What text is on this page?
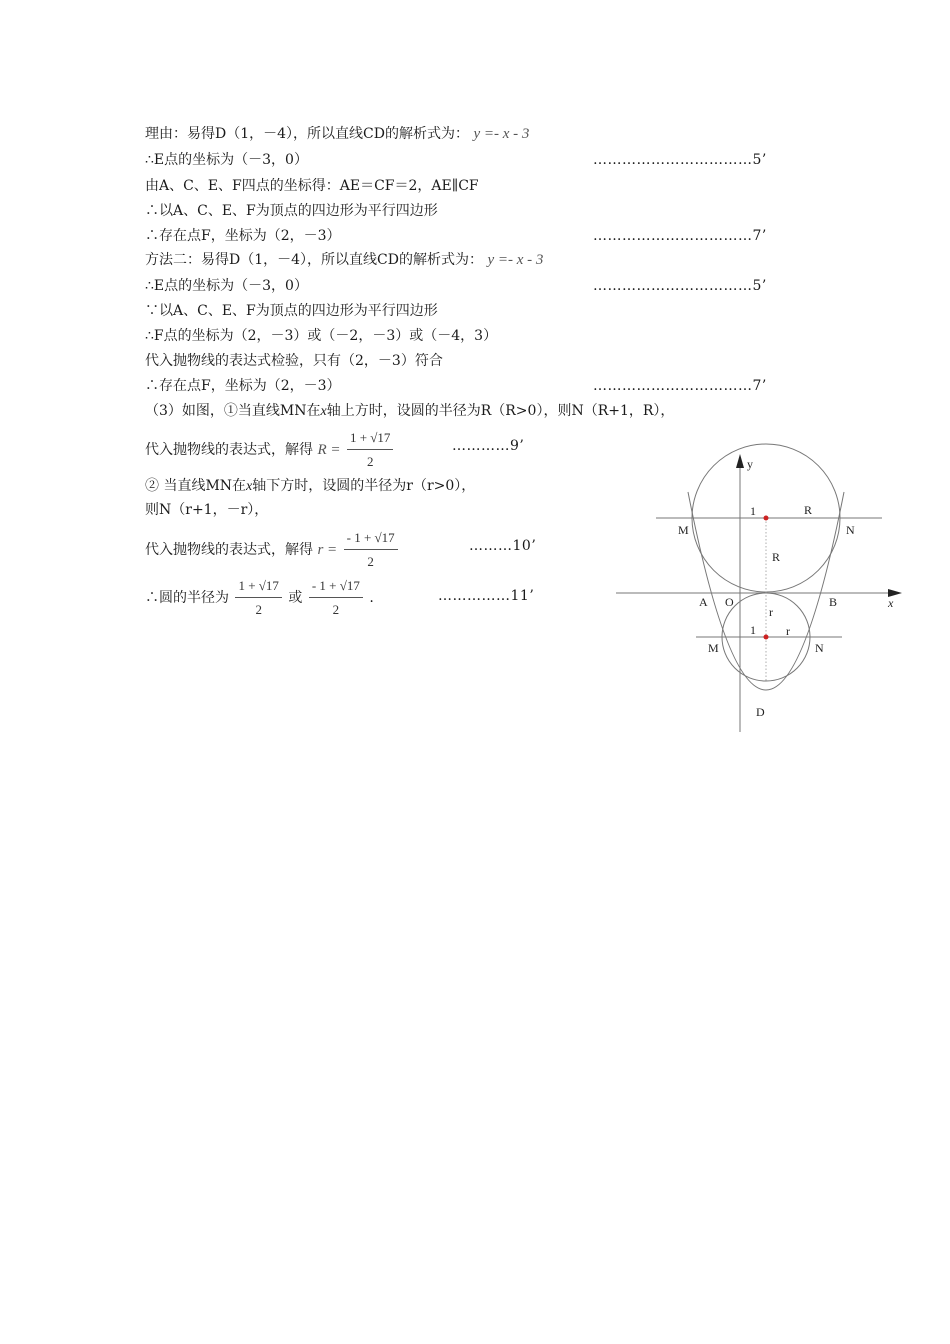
理由：易得D（1，－4），所以直线CD的解析式为： y =- x - 3
∴E点的坐标为（－3，0）	……………………………5’
由A、C、E、F四点的坐标得：AE＝CF＝2，AE∥CF
∴以A、C、E、F为顶点的四边形为平行四边形
∴存在点F，坐标为（2，－3）	……………………………7’
方法二：易得D（1，－4），所以直线CD的解析式为： y =- x - 3
∴E点的坐标为（－3，0）	……………………………5’
∵以A、C、E、F为顶点的四边形为平行四边形
∴F点的坐标为（2，－3）或（－2，－3）或（－4，3）
代入抛物线的表达式检验，只有（2，－3）符合
∴存在点F，坐标为（2，－3）	……………………………7’
（3）如图，①当直线MN在x轴上方时，设圆的半径为R（R>0），则N（R+1，R），
代入抛物线的表达式，解得 $R = \frac{1 + √17}{2}$	…………9’
② 当直线MN在x轴下方时，设圆的半径为r（r>0），
则N（r+1，－r），
代入抛物线的表达式，解得 $r = \frac{- 1 + √17}{2}$	………10’
∴圆的半径为 $\frac{1 + √17}{2}$ 或 $\frac{- 1 + √17}{2}$ .	……………11’
y
x
M	N
1	R
R
A O	B
r
1	r
M	N
D
